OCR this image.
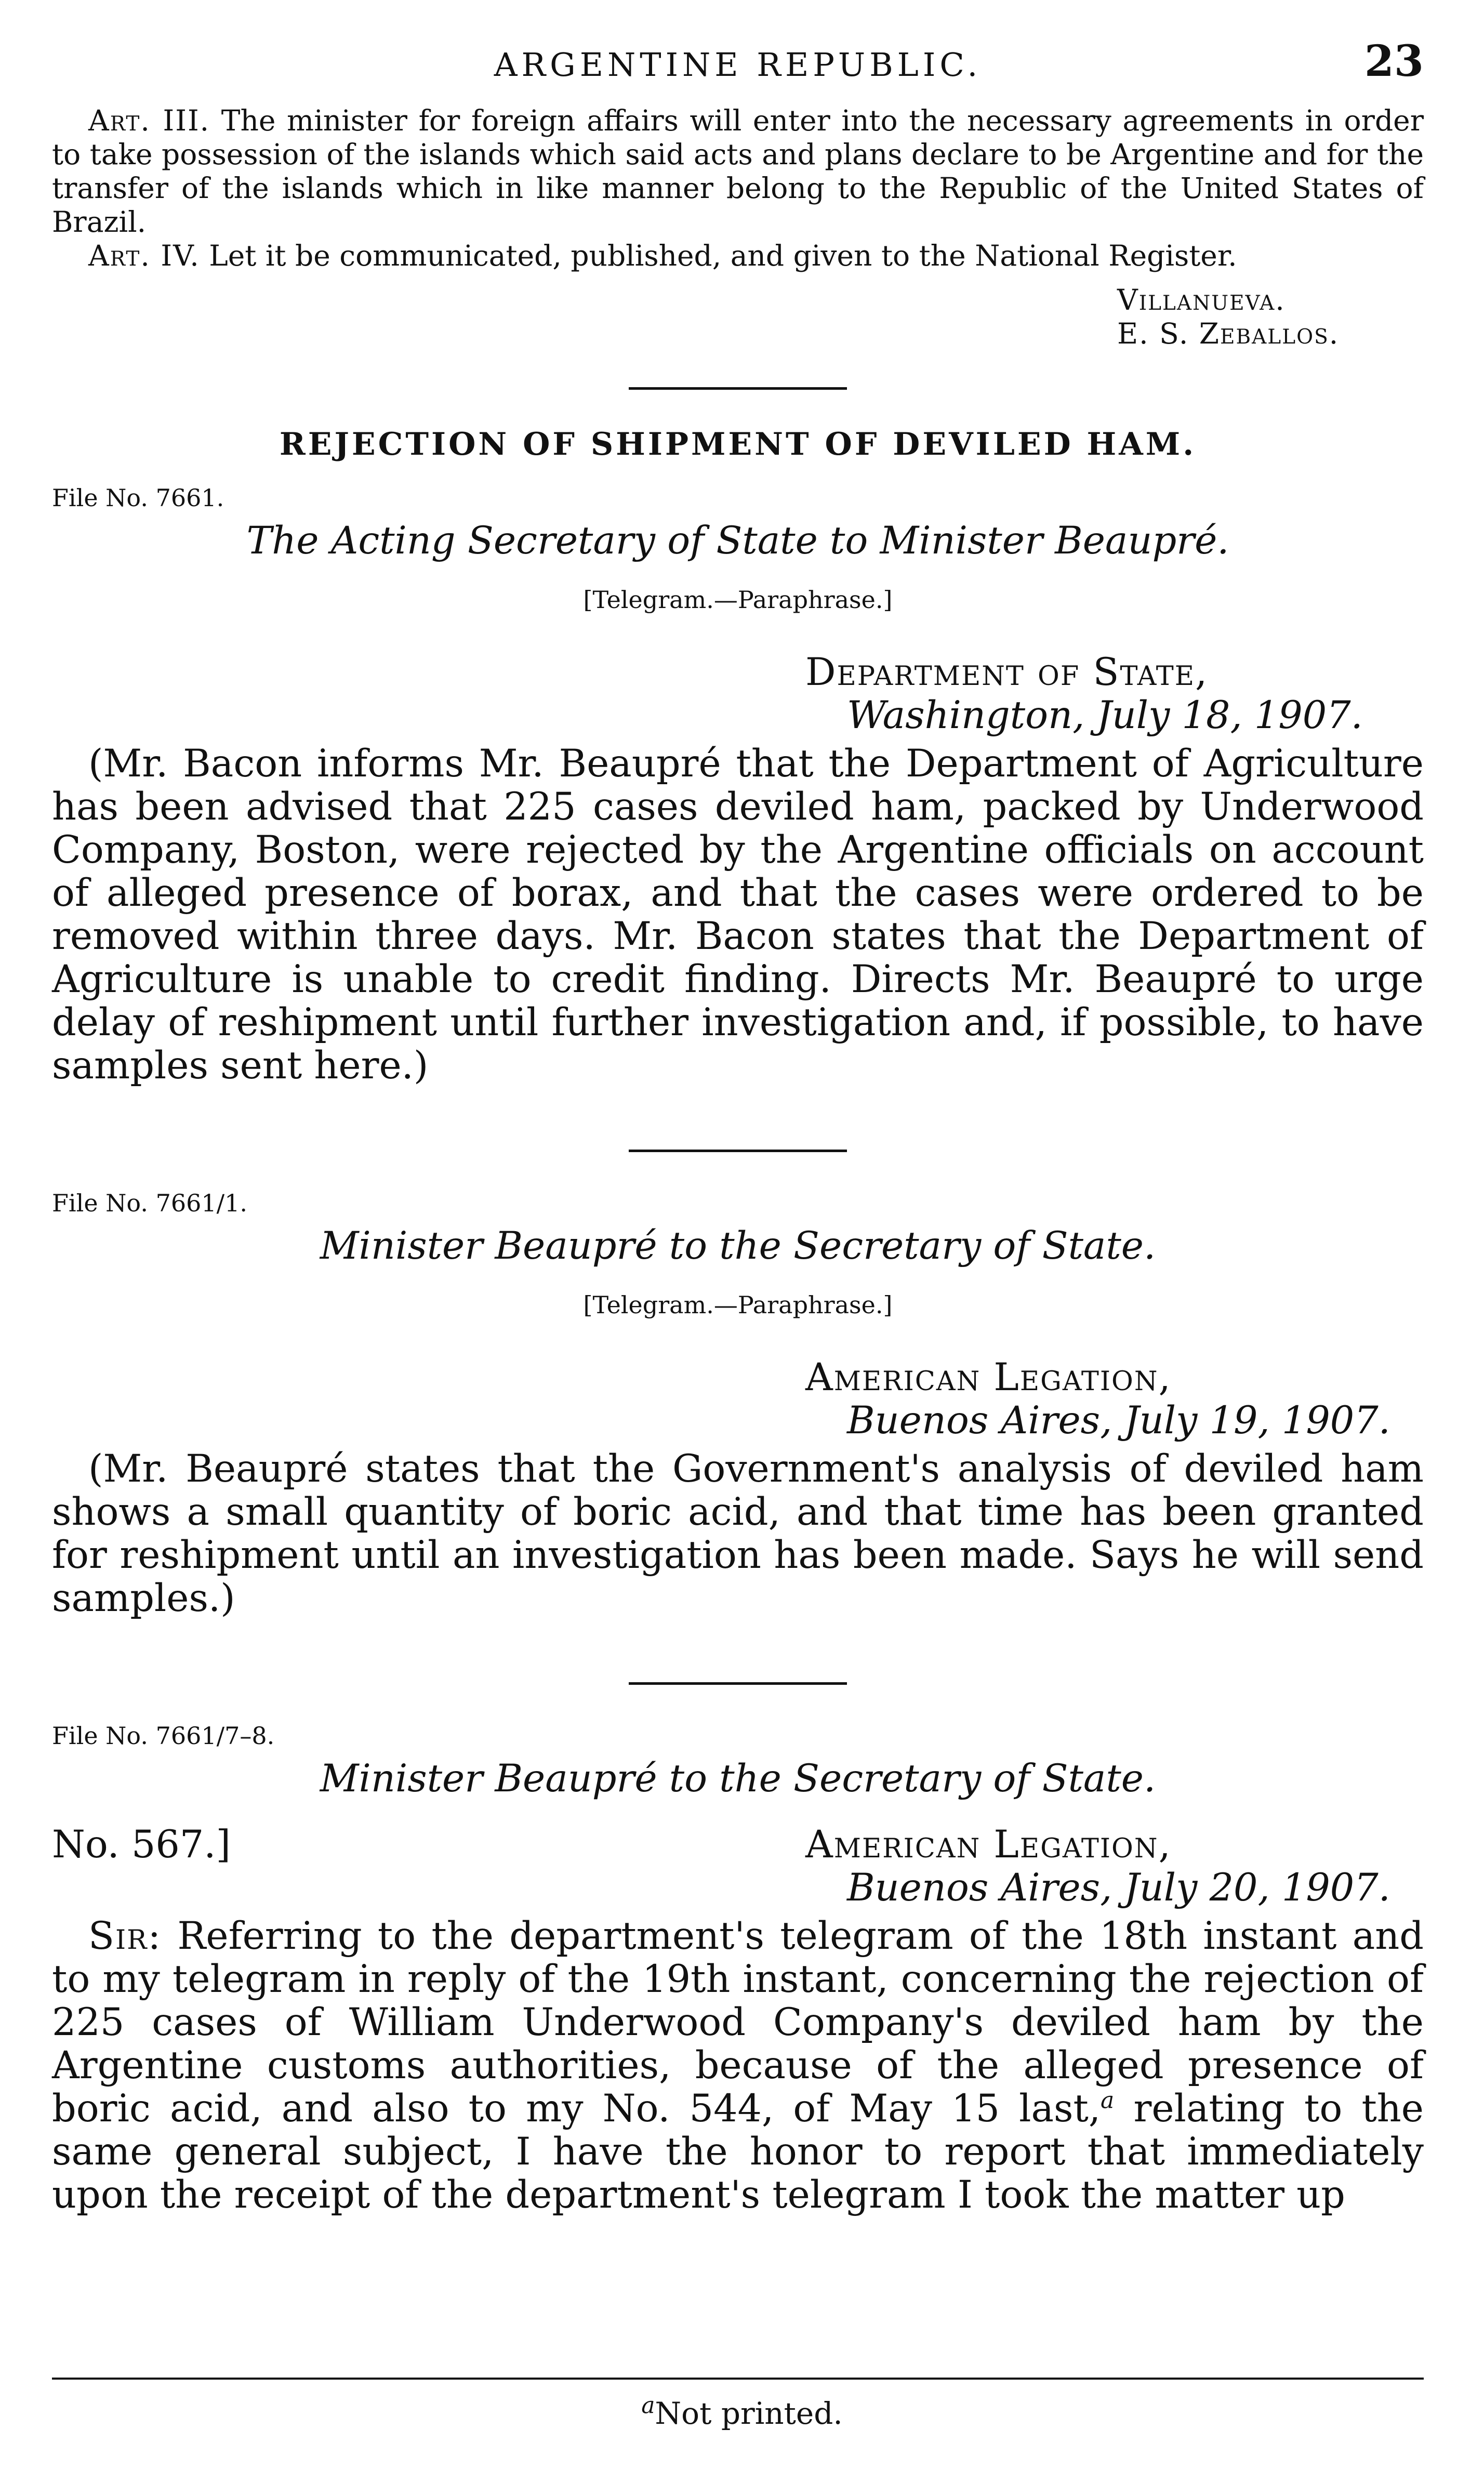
ARGENTINE REPUBLIC.	23

Art. III. The minister for foreign affairs will enter into the necessary agreements in order to take possession of the islands which said acts and plans declare to be Argentine and for the transfer of the islands which in like manner belong to the Republic of the United States of Brazil.

Art. IV. Let it be communicated, published, and given to the National Register.

Villanueva.
E. S. Zeballos.
REJECTION OF SHIPMENT OF DEVILED HAM.
File No. 7661.
The Acting Secretary of State to Minister Beaupré.
[Telegram.—Paraphrase.]
Department of State,
Washington, July 18, 1907.

(Mr. Bacon informs Mr. Beaupré that the Department of Agriculture has been advised that 225 cases deviled ham, packed by Underwood Company, Boston, were rejected by the Argentine officials on account of alleged presence of borax, and that the cases were ordered to be removed within three days. Mr. Bacon states that the Department of Agriculture is unable to credit finding. Directs Mr. Beaupré to urge delay of reshipment until further investigation and, if possible, to have samples sent here.)

File No. 7661/1.
Minister Beaupré to the Secretary of State.
[Telegram.—Paraphrase.]
American Legation,
Buenos Aires, July 19, 1907.

(Mr. Beaupré states that the Government's analysis of deviled ham shows a small quantity of boric acid, and that time has been granted for reshipment until an investigation has been made. Says he will send samples.)

File No. 7661/7–8.
Minister Beaupré to the Secretary of State.
No. 567.]	American Legation,
Buenos Aires, July 20, 1907.

Sir: Referring to the department's telegram of the 18th instant and to my telegram in reply of the 19th instant, concerning the rejection of 225 cases of William Underwood Company's deviled ham by the Argentine customs authorities, because of the alleged presence of boric acid, and also to my No. 544, of May 15 last,$^a$ relating to the same general subject, I have the honor to report that immediately upon the receipt of the department's telegram I took the matter up

$^a$Not printed.
